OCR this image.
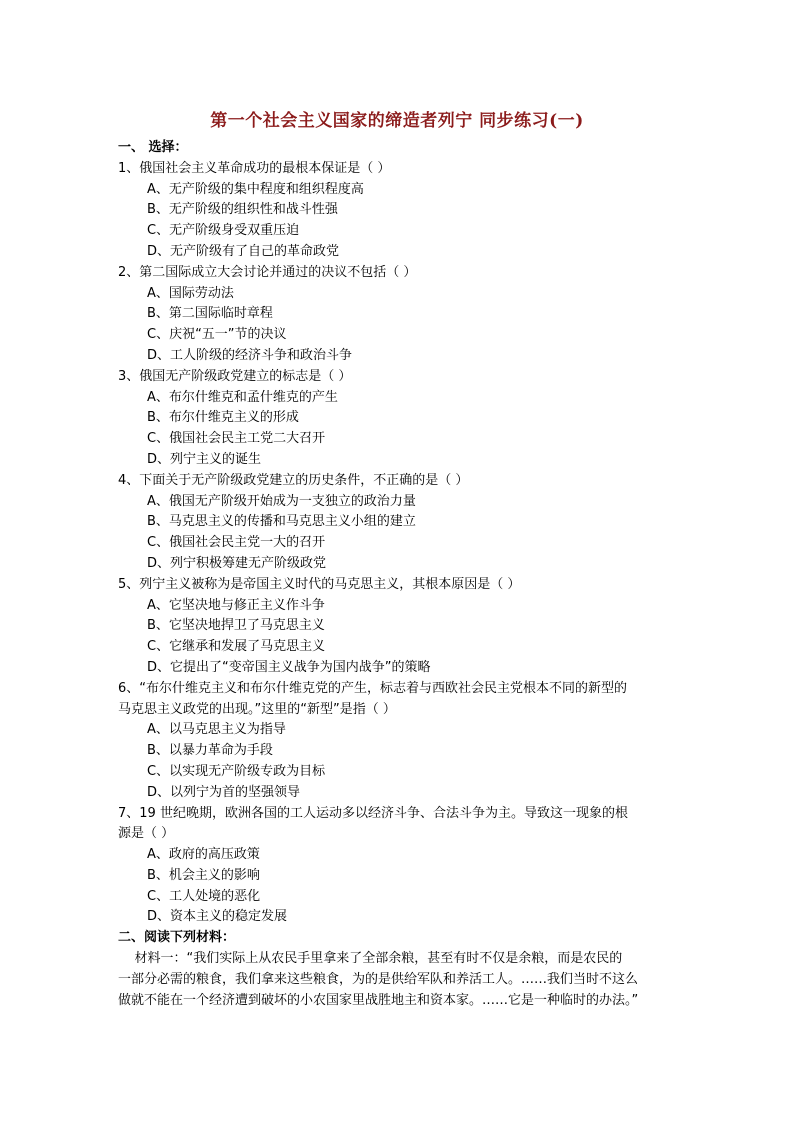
第一个社会主义国家的缔造者列宁 同步练习(一)
一、 选择：
1、俄国社会主义革命成功的最根本保证是（ ）
A、无产阶级的集中程度和组织程度高
B、无产阶级的组织性和战斗性强
C、无产阶级身受双重压迫
D、无产阶级有了自己的革命政党
2、第二国际成立大会讨论并通过的决议不包括（ ）
A、国际劳动法
B、第二国际临时章程
C、庆祝“五一”节的决议
D、工人阶级的经济斗争和政治斗争
3、俄国无产阶级政党建立的标志是（ ）
A、布尔什维克和孟什维克的产生
B、布尔什维克主义的形成
C、俄国社会民主工党二大召开
D、列宁主义的诞生
4、下面关于无产阶级政党建立的历史条件，不正确的是（ ）
A、俄国无产阶级开始成为一支独立的政治力量
B、马克思主义的传播和马克思主义小组的建立
C、俄国社会民主党一大的召开
D、列宁积极筹建无产阶级政党
5、列宁主义被称为是帝国主义时代的马克思主义，其根本原因是（ ）
A、它坚决地与修正主义作斗争
B、它坚决地捍卫了马克思主义
C、它继承和发展了马克思主义
D、它提出了“变帝国主义战争为国内战争”的策略
6、“布尔什维克主义和布尔什维克党的产生，标志着与西欧社会民主党根本不同的新型的
马克思主义政党的出现。”这里的“新型”是指（ ）
A、以马克思主义为指导
B、以暴力革命为手段
C、以实现无产阶级专政为目标
D、以列宁为首的坚强领导
7、19 世纪晚期，欧洲各国的工人运动多以经济斗争、合法斗争为主。导致这一现象的根
源是（ ）
A、政府的高压政策
B、机会主义的影响
C、工人处境的恶化
D、资本主义的稳定发展
二、阅读下列材料：
材料一：“我们实际上从农民手里拿来了全部余粮，甚至有时不仅是余粮，而是农民的
一部分必需的粮食，我们拿来这些粮食，为的是供给军队和养活工人。……我们当时不这么
做就不能在一个经济遭到破坏的小农国家里战胜地主和资本家。……它是一种临时的办法。”
